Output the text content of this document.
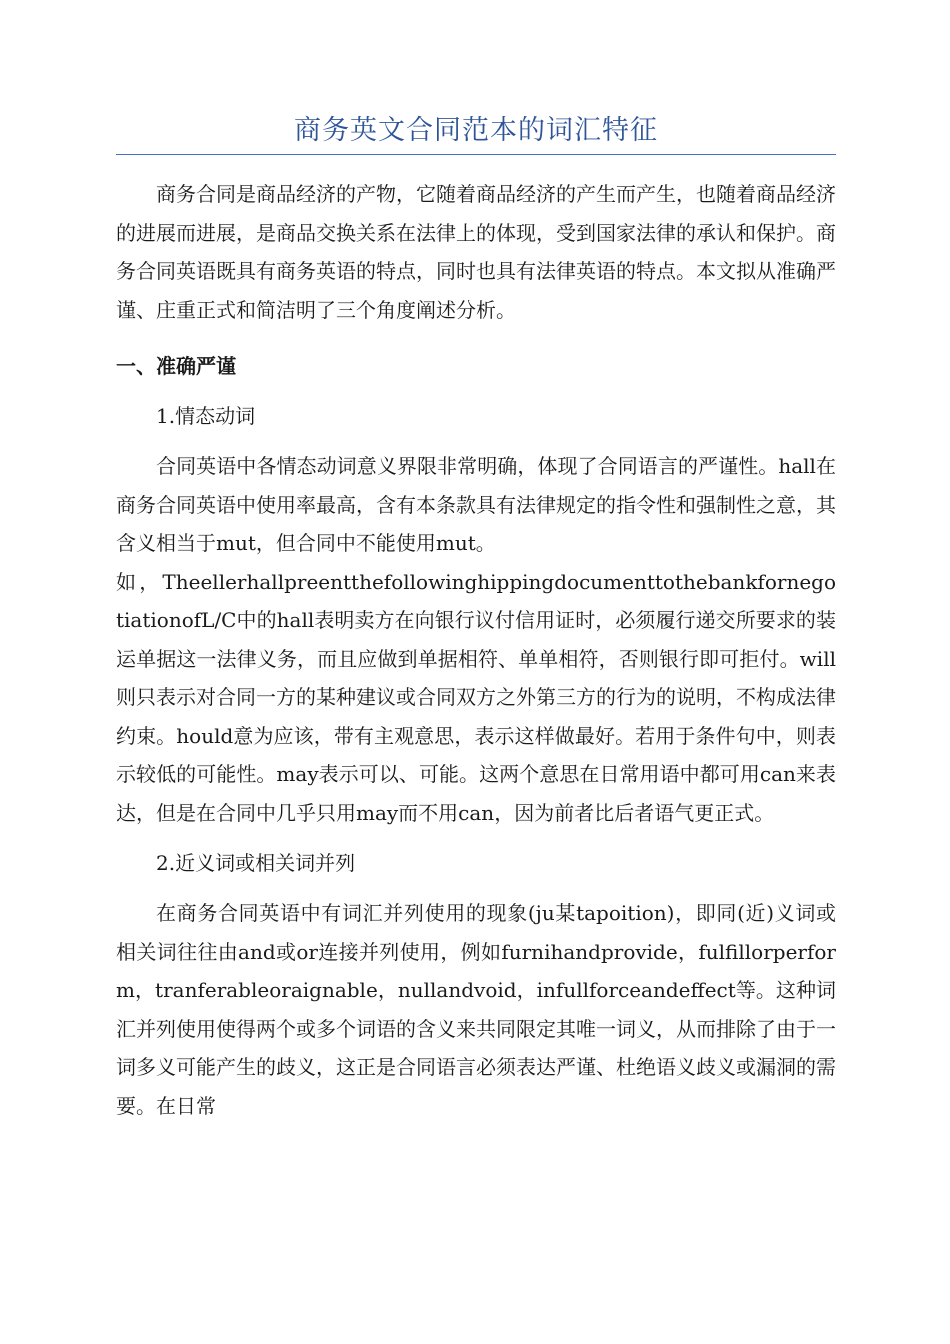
商务英文合同范本的词汇特征

商务合同是商品经济的产物，它随着商品经济的产生而产生，也随着商品经济的进展而进展，是商品交换关系在法律上的体现，受到国家法律的承认和保护。商务合同英语既具有商务英语的特点，同时也具有法律英语的特点。本文拟从准确严谨、庄重正式和简洁明了三个角度阐述分析。

一、准确严谨
1.情态动词

合同英语中各情态动词意义界限非常明确，体现了合同语言的严谨性。hall在商务合同英语中使用率最高，含有本条款具有法律规定的指令性和强制性之意，其含义相当于mut，但合同中不能使用mut。

如，TheellerhallpreentthefollowinghippingdocumenttothebankfornegotiationofL/C中的hall表明卖方在向银行议付信用证时，必须履行递交所要求的装运单据这一法律义务，而且应做到单据相符、单单相符，否则银行即可拒付。will则只表示对合同一方的某种建议或合同双方之外第三方的行为的说明，不构成法律约束。hould意为应该，带有主观意思，表示这样做最好。若用于条件句中，则表示较低的可能性。may表示可以、可能。这两个意思在日常用语中都可用can来表达，但是在合同中几乎只用may而不用can，因为前者比后者语气更正式。

2.近义词或相关词并列

在商务合同英语中有词汇并列使用的现象(ju某tapoition)，即同(近)义词或相关词往往由and或or连接并列使用，例如furnihandprovide，fulfillorperform，tranferableoraignable，nullandvoid，infullforceandeffect等。这种词汇并列使用使得两个或多个词语的含义来共同限定其唯一词义，从而排除了由于一词多义可能产生的歧义，这正是合同语言必须表达严谨、杜绝语义歧义或漏洞的需要。在日常
